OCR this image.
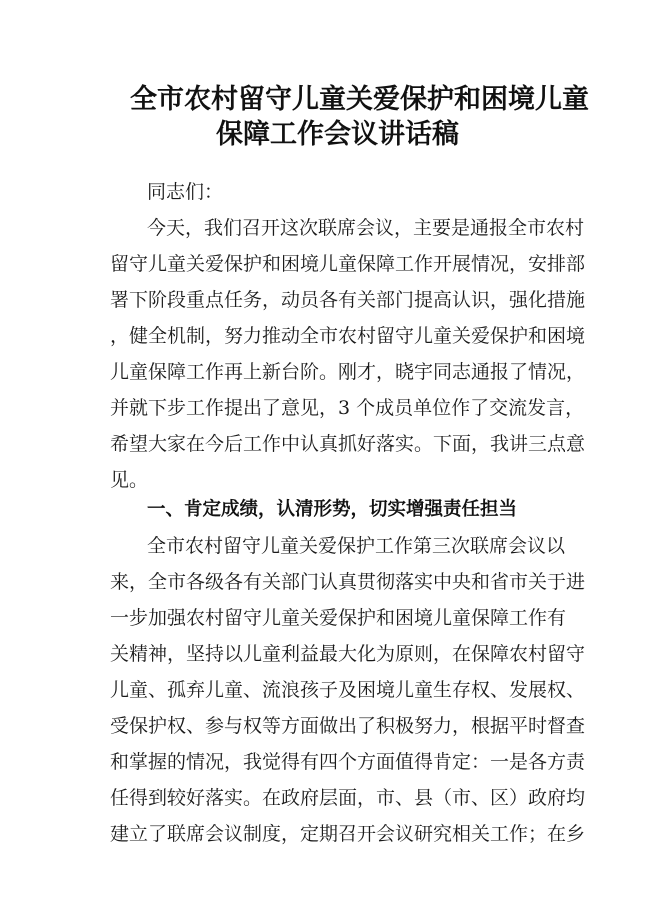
全市农村留守儿童关爱保护和困境儿童
保障工作会议讲话稿
同志们：
今天，我们召开这次联席会议，主要是通报全市农村
留守儿童关爱保护和困境儿童保障工作开展情况，安排部
署下阶段重点任务，动员各有关部门提高认识，强化措施
，健全机制，努力推动全市农村留守儿童关爱保护和困境
儿童保障工作再上新台阶。刚才，晓宇同志通报了情况，
并就下步工作提出了意见，3 个成员单位作了交流发言，
希望大家在今后工作中认真抓好落实。下面，我讲三点意
见。
一、肯定成绩，认清形势，切实增强责任担当
全市农村留守儿童关爱保护工作第三次联席会议以
来，全市各级各有关部门认真贯彻落实中央和省市关于进
一步加强农村留守儿童关爱保护和困境儿童保障工作有
关精神，坚持以儿童利益最大化为原则，在保障农村留守
儿童、孤弃儿童、流浪孩子及困境儿童生存权、发展权、
受保护权、参与权等方面做出了积极努力，根据平时督查
和掌握的情况，我觉得有四个方面值得肯定：一是各方责
任得到较好落实。在政府层面，市、县（市、区）政府均
建立了联席会议制度，定期召开会议研究相关工作；在乡
